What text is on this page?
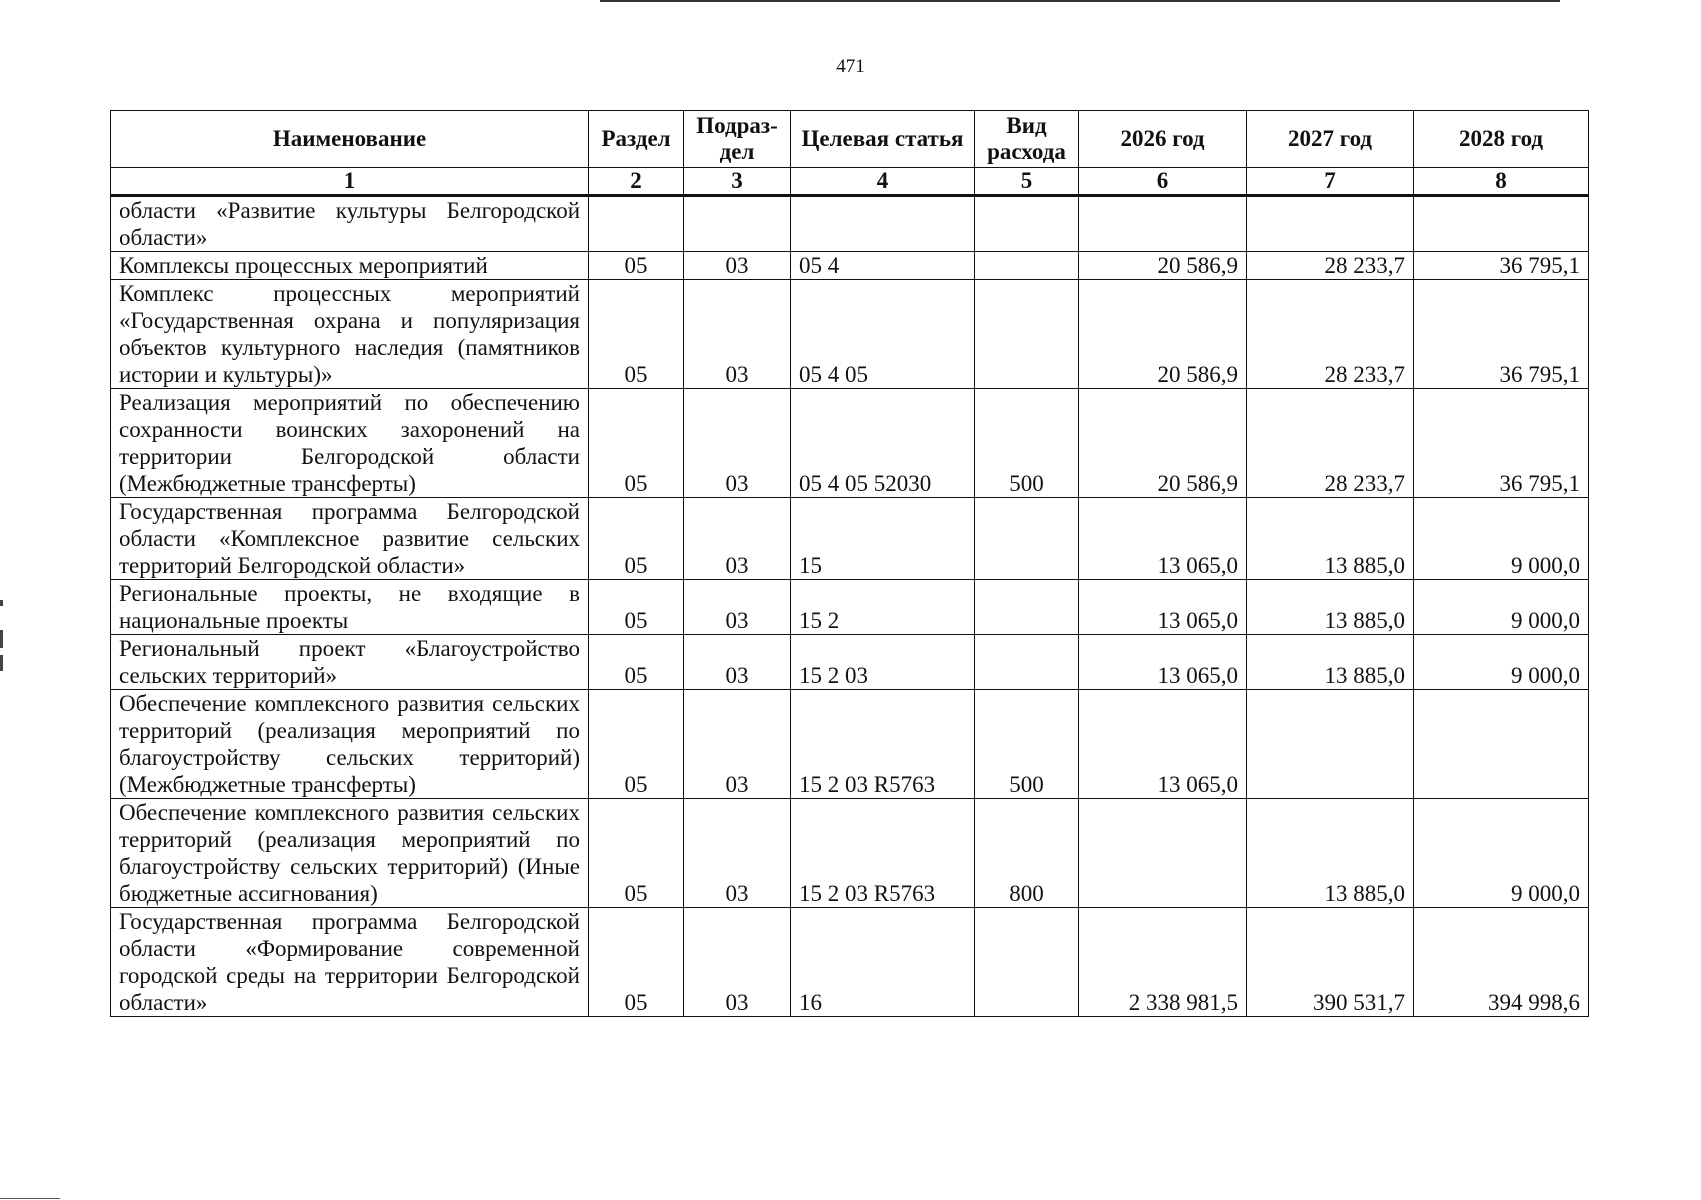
471
Наименование	Раздел	Подраз-дел	Целевая статья	Вид расхода	2026 год	2027 год	2028 год
1	2	3	4	5	6	7	8
области «Развитие культуры Белгородской области»							
Комплексы процессных мероприятий	05	03	05 4		20 586,9	28 233,7	36 795,1
Комплекс процессных мероприятий «Государственная охрана и популяризация объектов культурного наследия (памятников истории и культуры)»	05	03	05 4 05		20 586,9	28 233,7	36 795,1
Реализация мероприятий по обеспечению сохранности воинских захоронений на территории Белгородской области (Межбюджетные трансферты)	05	03	05 4 05 52030	500	20 586,9	28 233,7	36 795,1
Государственная программа Белгородской области «Комплексное развитие сельских территорий Белгородской области»	05	03	15		13 065,0	13 885,0	9 000,0
Региональные проекты, не входящие в национальные проекты	05	03	15 2		13 065,0	13 885,0	9 000,0
Региональный проект «Благоустройство сельских территорий»	05	03	15 2 03		13 065,0	13 885,0	9 000,0
Обеспечение комплексного развития сельских территорий (реализация мероприятий по благоустройству сельских территорий) (Межбюджетные трансферты)	05	03	15 2 03 R5763	500	13 065,0		
Обеспечение комплексного развития сельских территорий (реализация мероприятий по благоустройству сельских территорий) (Иные бюджетные ассигнования)	05	03	15 2 03 R5763	800		13 885,0	9 000,0
Государственная программа Белгородской области «Формирование современной городской среды на территории Белгородской области»	05	03	16		2 338 981,5	390 531,7	394 998,6
